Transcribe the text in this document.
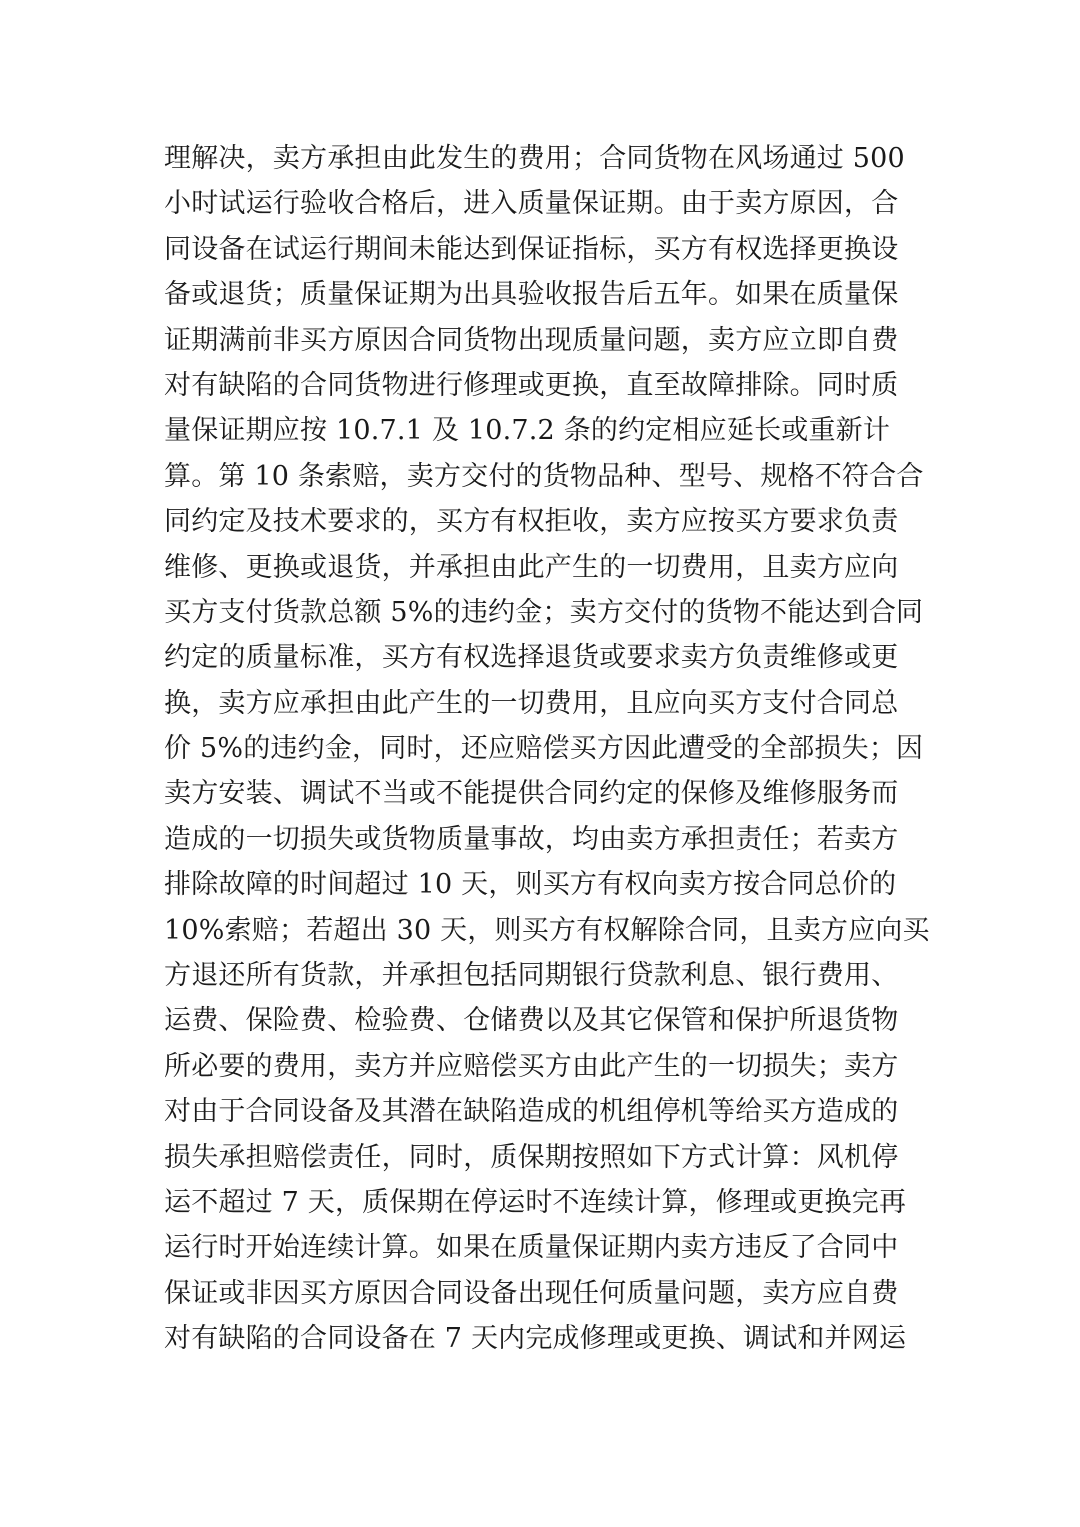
理解决，卖方承担由此发生的费用；合同货物在风场通过 500
小时试运行验收合格后，进入质量保证期。由于卖方原因，合
同设备在试运行期间未能达到保证指标，买方有权选择更换设
备或退货；质量保证期为出具验收报告后五年。如果在质量保
证期满前非买方原因合同货物出现质量问题，卖方应立即自费
对有缺陷的合同货物进行修理或更换，直至故障排除。同时质
量保证期应按 10.7.1 及 10.7.2 条的约定相应延长或重新计
算。第 10 条索赔，卖方交付的货物品种、型号、规格不符合合
同约定及技术要求的，买方有权拒收，卖方应按买方要求负责
维修、更换或退货，并承担由此产生的一切费用，且卖方应向
买方支付货款总额 5%的违约金；卖方交付的货物不能达到合同
约定的质量标准，买方有权选择退货或要求卖方负责维修或更
换，卖方应承担由此产生的一切费用，且应向买方支付合同总
价 5%的违约金，同时，还应赔偿买方因此遭受的全部损失；因
卖方安装、调试不当或不能提供合同约定的保修及维修服务而
造成的一切损失或货物质量事故，均由卖方承担责任；若卖方
排除故障的时间超过 10 天，则买方有权向卖方按合同总价的
10%索赔；若超出 30 天，则买方有权解除合同，且卖方应向买
方退还所有货款，并承担包括同期银行贷款利息、银行费用、
运费、保险费、检验费、仓储费以及其它保管和保护所退货物
所必要的费用，卖方并应赔偿买方由此产生的一切损失；卖方
对由于合同设备及其潜在缺陷造成的机组停机等给买方造成的
损失承担赔偿责任，同时，质保期按照如下方式计算：风机停
运不超过 7 天，质保期在停运时不连续计算，修理或更换完再
运行时开始连续计算。如果在质量保证期内卖方违反了合同中
保证或非因买方原因合同设备出现任何质量问题，卖方应自费
对有缺陷的合同设备在 7 天内完成修理或更换、调试和并网运
